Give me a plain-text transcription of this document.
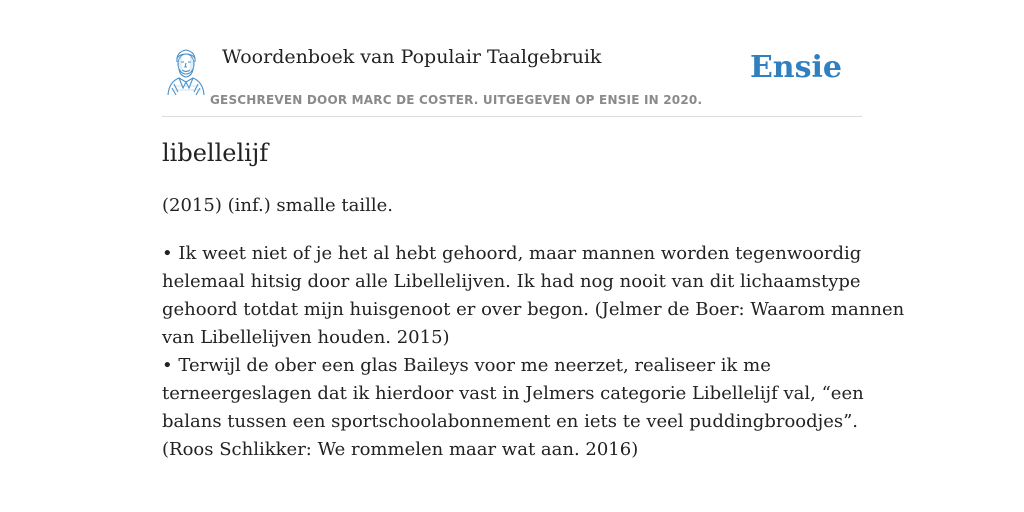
Woordenboek van Populair Taalgebruik
GESCHREVEN DOOR MARC DE COSTER. UITGEGEVEN OP ENSIE IN 2020.
Ensie
libellelijf
(2015) (inf.) smalle taille.
• Ik weet niet of je het al hebt gehoord, maar mannen worden tegenwoordig
helemaal hitsig door alle Libellelijven. Ik had nog nooit van dit lichaamstype
gehoord totdat mijn huisgenoot er over begon. (Jelmer de Boer: Waarom mannen
van Libellelijven houden. 2015)
• Terwijl de ober een glas Baileys voor me neerzet, realiseer ik me
terneergeslagen dat ik hierdoor vast in Jelmers categorie Libellelijf val, “een
balans tussen een sportschoolabonnement en iets te veel puddingbroodjes”.
(Roos Schlikker: We rommelen maar wat aan. 2016)
